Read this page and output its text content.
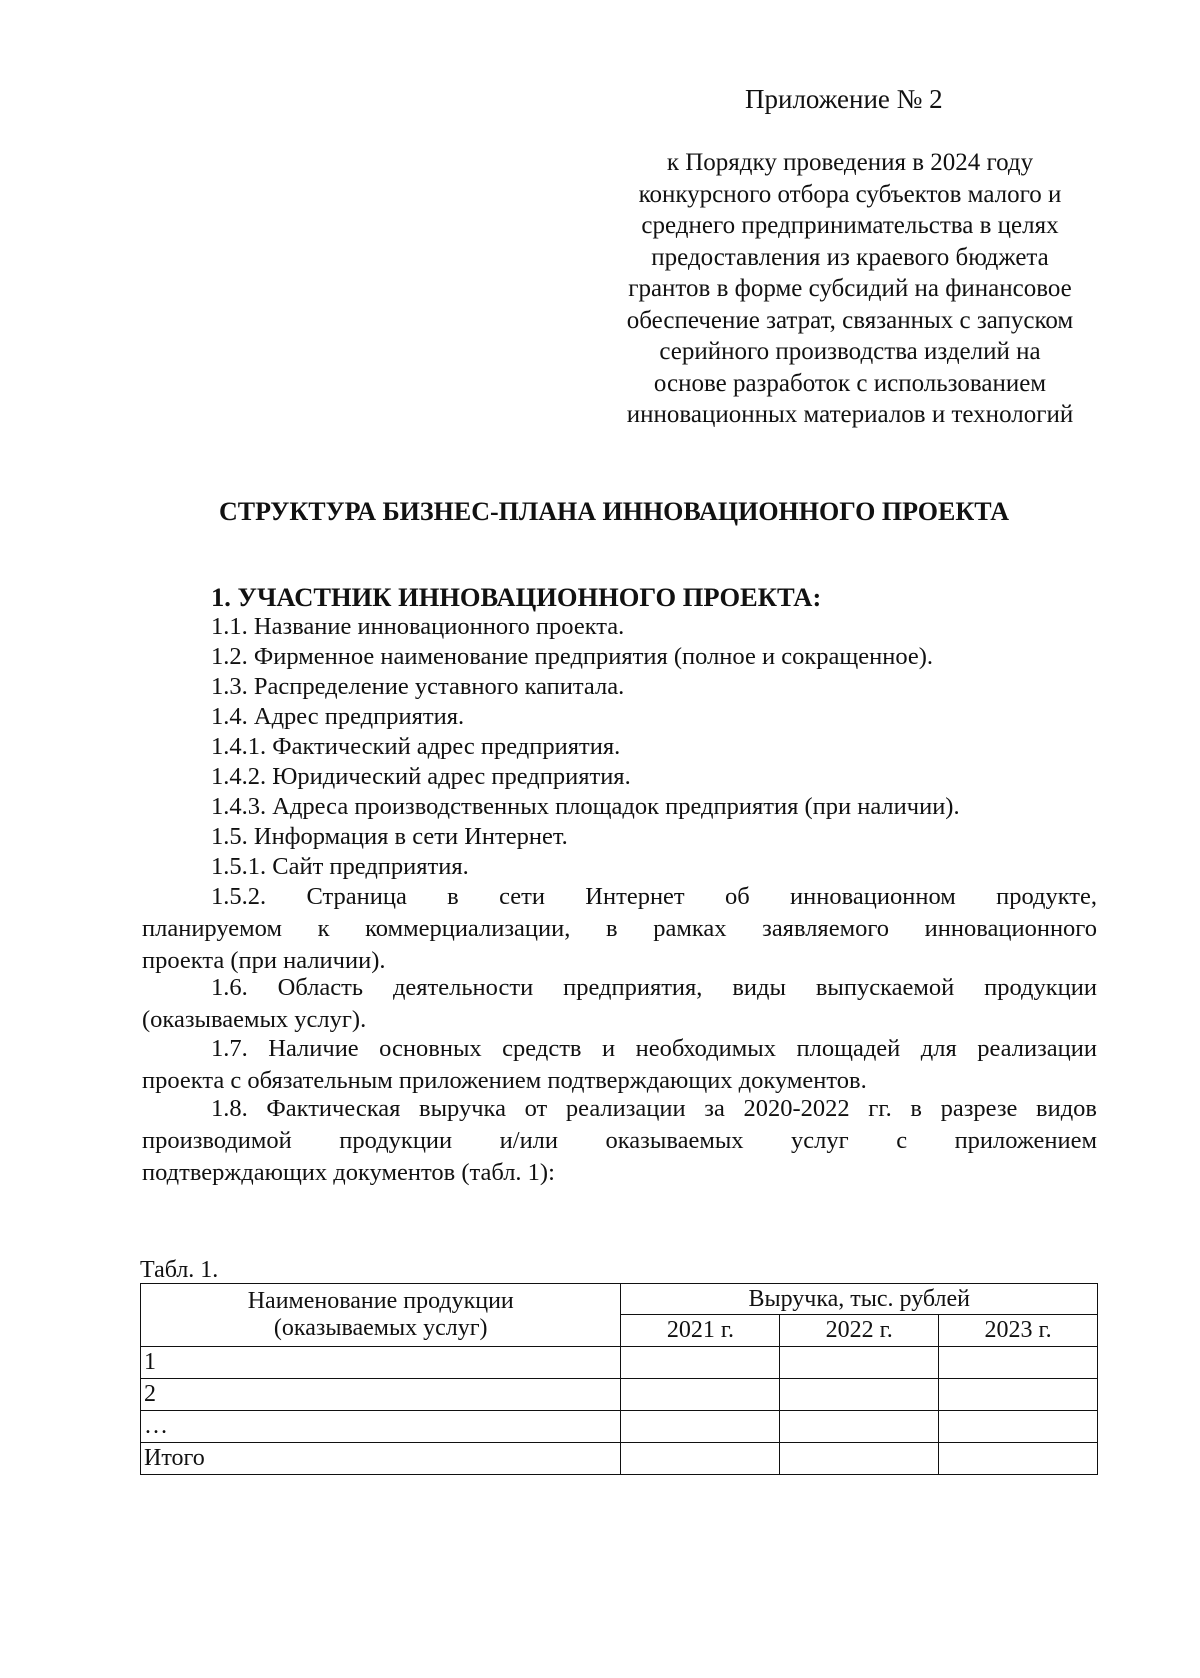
Приложение № 2
к Порядку проведения в 2024 году
конкурсного отбора субъектов малого и
среднего предпринимательства в целях
предоставления из краевого бюджета
грантов в форме субсидий на финансовое
обеспечение затрат, связанных с запуском
серийного производства изделий на
основе разработок с использованием
инновационных материалов и технологий
СТРУКТУРА БИЗНЕС-ПЛАНА ИННОВАЦИОННОГО ПРОЕКТА
1. УЧАСТНИК ИННОВАЦИОННОГО ПРОЕКТА:
1.1. Название инновационного проекта.
1.2. Фирменное наименование предприятия (полное и сокращенное).
1.3. Распределение уставного капитала.
1.4. Адрес предприятия.
1.4.1. Фактический адрес предприятия.
1.4.2. Юридический адрес предприятия.
1.4.3. Адреса производственных площадок предприятия (при наличии).
1.5. Информация в сети Интернет.
1.5.1. Сайт предприятия.
1.5.2. Страница в сети Интернет об инновационном продукте,
планируемом к коммерциализации, в рамках заявляемого инновационного
проекта (при наличии).
1.6. Область деятельности предприятия, виды выпускаемой продукции
(оказываемых услуг).
1.7. Наличие основных средств и необходимых площадей для реализации
проекта с обязательным приложением подтверждающих документов.
1.8. Фактическая выручка от реализации за 2020-2022 гг. в разрезе видов
производимой продукции и/или оказываемых услуг с приложением
подтверждающих документов (табл. 1):
Табл. 1.
Наименование продукции
(оказываемых услуг)	Выручка, тыс. рублей		
	2021 г.	2022 г.	2023 г.
1			
2			
…			
Итого			
